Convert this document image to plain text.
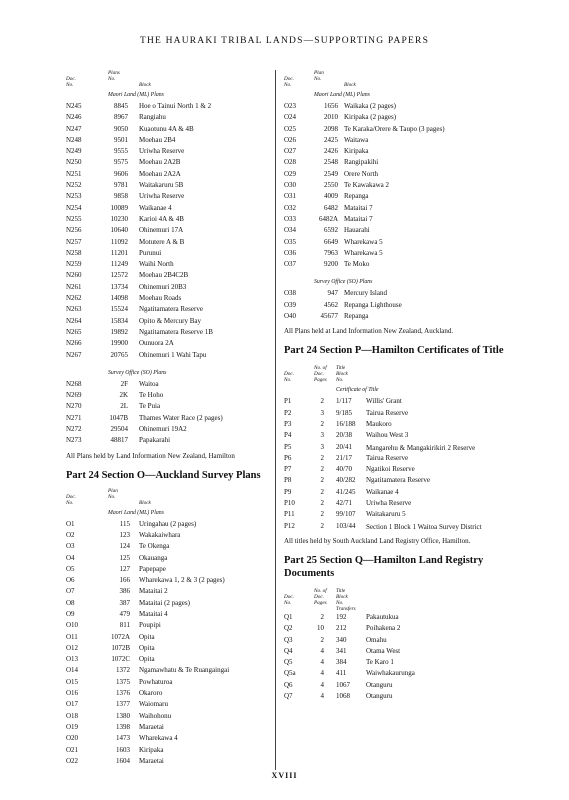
THE HAURAKI TRIBAL LANDS—SUPPORTING PAPERS
Doc.
No.
Plans
No.
Block
Maori Land (ML) Plans
N245	8845 Hoe o Tainui North 1 & 2
N246	8967 Rangiahu
N247	9050 Kuaotunu 4A & 4B
N248	9501 Moehau 2B4
N249	9555 Uriwha Reserve
N250	9575 Moehau 2A2B
N251	9606 Moehau 2A2A
N252	9781 Waitakaruru 5B
N253	9858 Uriwha Reserve
N254	10089 Waikanae 4
N255	10230 Karioi 4A & 4B
N256	10640 Ohinemuri 17A
N257	11092 Motutere A & B
N258	11201 Purunui
N259	11249 Waihi North
N260	12572 Moehau 2B4C2B
N261	13734 Ohinemuri 20B3
N262	14098 Moehau Roads
N263	15524 Ngatitamatera Reserve
N264	15834 Opito & Mercury Bay
N265	19892 Ngatitamatera Reserve 1B
N266	19900 Ounuora 2A
N267	20765 Ohinemuri 1 Wahi Tapu
Survey Office (SO) Plans
N268	2F Waitoa
N269	2K Te Hoho
N270	2L Te Puia
N271	1047B Thames Water Race (2 pages)
N272	29504 Ohinemuri 19A2
N273	48817 Papakarahi
All Plans held by Land Information New Zealand, Hamilton
Part 24 Section O—Auckland Survey Plans
Doc.
No.
Plan
No.
Block
Maori Land (ML) Plans
O1	115 Uringahau (2 pages)
O2	123 Wakakaiwhara
O3	124 Te Okenga
O4	125 Okauanga
O5	127 Papepape
O6	166 Wharekawa 1, 2 & 3 (2 pages)
O7	386 Mataitai 2
O8	387 Mataitai (2 pages)
O9	479 Mataitai 4
O10	811 Poupipi
O11	1072A Opita
O12	1072B Opita
O13	1072C Opita
O14	1372 Ngamawhatu & Te Ruangaingai
O15	1375 Powhaturoa
O16	1376 Okaroro
O17	1377 Waiomaru
O18	1380 Waihohonu
O19	1398 Maraetai
O20	1473 Wharekawa 4
O21	1603 Kiripaka
O22	1604 Maraetai
Doc.
No.
Plan
No.
Block
Maori Land (ML) Plans
O23	1656 Waikaka (2 pages)
O24	2010 Kiripaka (2 pages)
O25	2098 Te Karaka/Orere & Taupo (3 pages)
O26	2425 Waitawa
O27	2426 Kiripaka
O28	2548 Rangipakihi
O29	2549 Orere North
O30	2550 Te Kawakawa 2
O31	4009 Repanga
O32	6482 Mataitai 7
O33	6482A Mataitai 7
O34	6592 Hauarahi
O35	6649 Wharekawa 5
O36	7963 Wharekawa 5
O37	9200 Te Moko
Survey Office (SO) Plans
O38	947 Mercury Island
O39	4562 Repanga Lighthouse
O40	45677 Repanga
All Plans held at Land Information New Zealand, Auckland.
Part 24 Section P—Hamilton Certificates of Title
Doc.
No.
No. of
Doc.
Pages
Title
Block
No.
Certificate of Title
P1	2 1/117 Willis' Grant
P2	3 9/185 Tairua Reserve
P3	2 16/188 Maukoro
P4	3 20/38 Waihou West 3
P5	3 20/41 Mangarehu & Mangakirikiri 2 Reserve
P6	2 21/17 Tairua Reserve
P7	2 40/70 Ngatikoi Reserve
P8	2 40/282 Ngatitamatera Reserve
P9	2 41/245 Waikanae 4
P10	2 42/71 Uriwha Reserve
P11	2 99/107 Waitakaruru 5
P12	2 103/44 Section 1 Block 1 Waitoa Survey District
All titles held by South Auckland Land Registry Office, Hamilton.
Part 25 Section Q—Hamilton Land Registry Documents
Doc.
No.
No. of
Doc.
Pages
Title
Block
No.
Transfers
Q1	2 192	Pakautukua
Q2	10 212	Poihakena 2
Q3	2 340	Omahu
Q4	4 341	Otama West
Q5	4 384	Te Karo 1
Q5a	4 411	Waiwhakaurunga
Q6	4 1067 Otanguru
Q7	4 1068 Otanguru
XVIII
